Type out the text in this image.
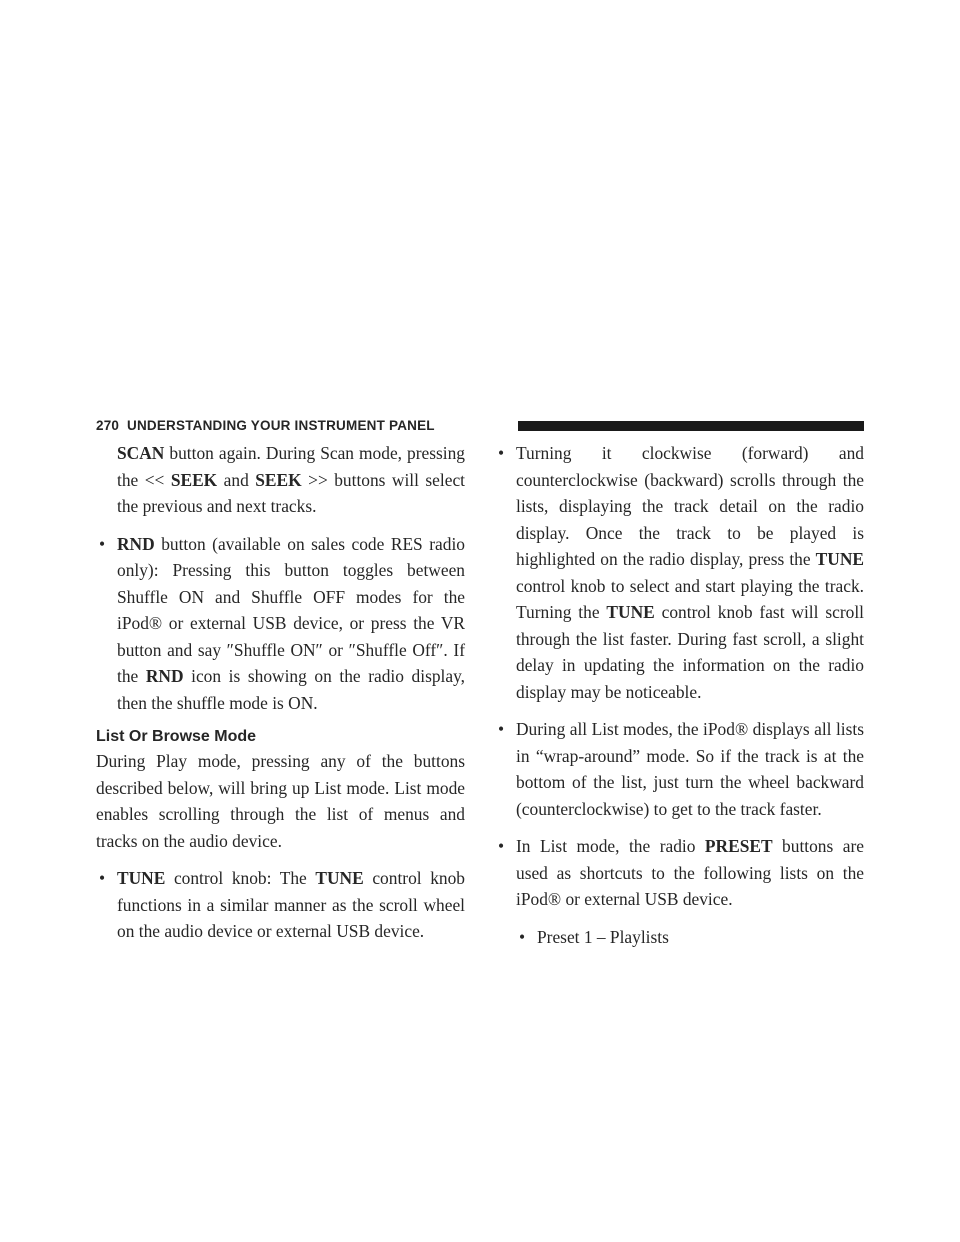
270 UNDERSTANDING YOUR INSTRUMENT PANEL

SCAN button again. During Scan mode, pressing the << SEEK and SEEK >> buttons will select the previous and next tracks.

• RND button (available on sales code RES radio only): Pressing this button toggles between Shuffle ON and Shuffle OFF modes for the iPod® or external USB device, or press the VR button and say ″Shuffle ON″ or ″Shuffle Off″. If the RND icon is showing on the radio display, then the shuffle mode is ON.
List Or Browse Mode

During Play mode, pressing any of the buttons described below, will bring up List mode. List mode enables scrolling through the list of menus and tracks on the audio device.

• TUNE control knob: The TUNE control knob functions in a similar manner as the scroll wheel on the audio device or external USB device.
• Turning it clockwise (forward) and counterclockwise (backward) scrolls through the lists, displaying the track detail on the radio display. Once the track to be played is highlighted on the radio display, press the TUNE control knob to select and start playing the track. Turning the TUNE control knob fast will scroll through the list faster. During fast scroll, a slight delay in updating the information on the radio display may be noticeable.
• During all List modes, the iPod® displays all lists in “wrap-around” mode. So if the track is at the bottom of the list, just turn the wheel backward (counterclockwise) to get to the track faster.
• In List mode, the radio PRESET buttons are used as shortcuts to the following lists on the iPod® or external USB device.
• Preset 1 – Playlists
